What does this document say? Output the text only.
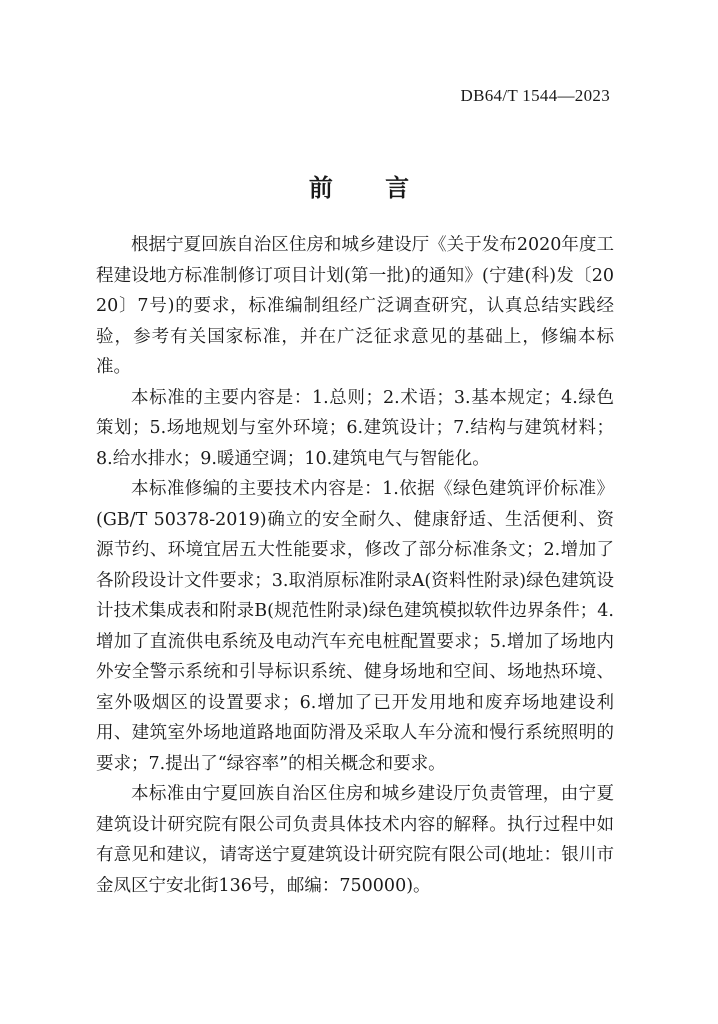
DB64/T 1544—2023
前 言

根据宁夏回族自治区住房和城乡建设厅《关于发布2020年度工程建设地方标准制修订项目计划(第一批)的通知》(宁建(科)发〔2020〕7号)的要求，标准编制组经广泛调查研究，认真总结实践经验，参考有关国家标准，并在广泛征求意见的基础上，修编本标准。

本标准的主要内容是：1.总则；2.术语；3.基本规定；4.绿色策划；5.场地规划与室外环境；6.建筑设计；7.结构与建筑材料；8.给水排水；9.暖通空调；10.建筑电气与智能化。

本标准修编的主要技术内容是：1.依据《绿色建筑评价标准》(GB/T 50378-2019)确立的安全耐久、健康舒适、生活便利、资源节约、环境宜居五大性能要求，修改了部分标准条文；2.增加了各阶段设计文件要求；3.取消原标准附录A(资料性附录)绿色建筑设计技术集成表和附录B(规范性附录)绿色建筑模拟软件边界条件；4.增加了直流供电系统及电动汽车充电桩配置要求；5.增加了场地内外安全警示系统和引导标识系统、健身场地和空间、场地热环境、室外吸烟区的设置要求；6.增加了已开发用地和废弃场地建设利用、建筑室外场地道路地面防滑及采取人车分流和慢行系统照明的要求；7.提出了“绿容率”的相关概念和要求。

本标准由宁夏回族自治区住房和城乡建设厅负责管理，由宁夏建筑设计研究院有限公司负责具体技术内容的解释。执行过程中如有意见和建议，请寄送宁夏建筑设计研究院有限公司(地址：银川市金凤区宁安北街136号，邮编：750000)。
